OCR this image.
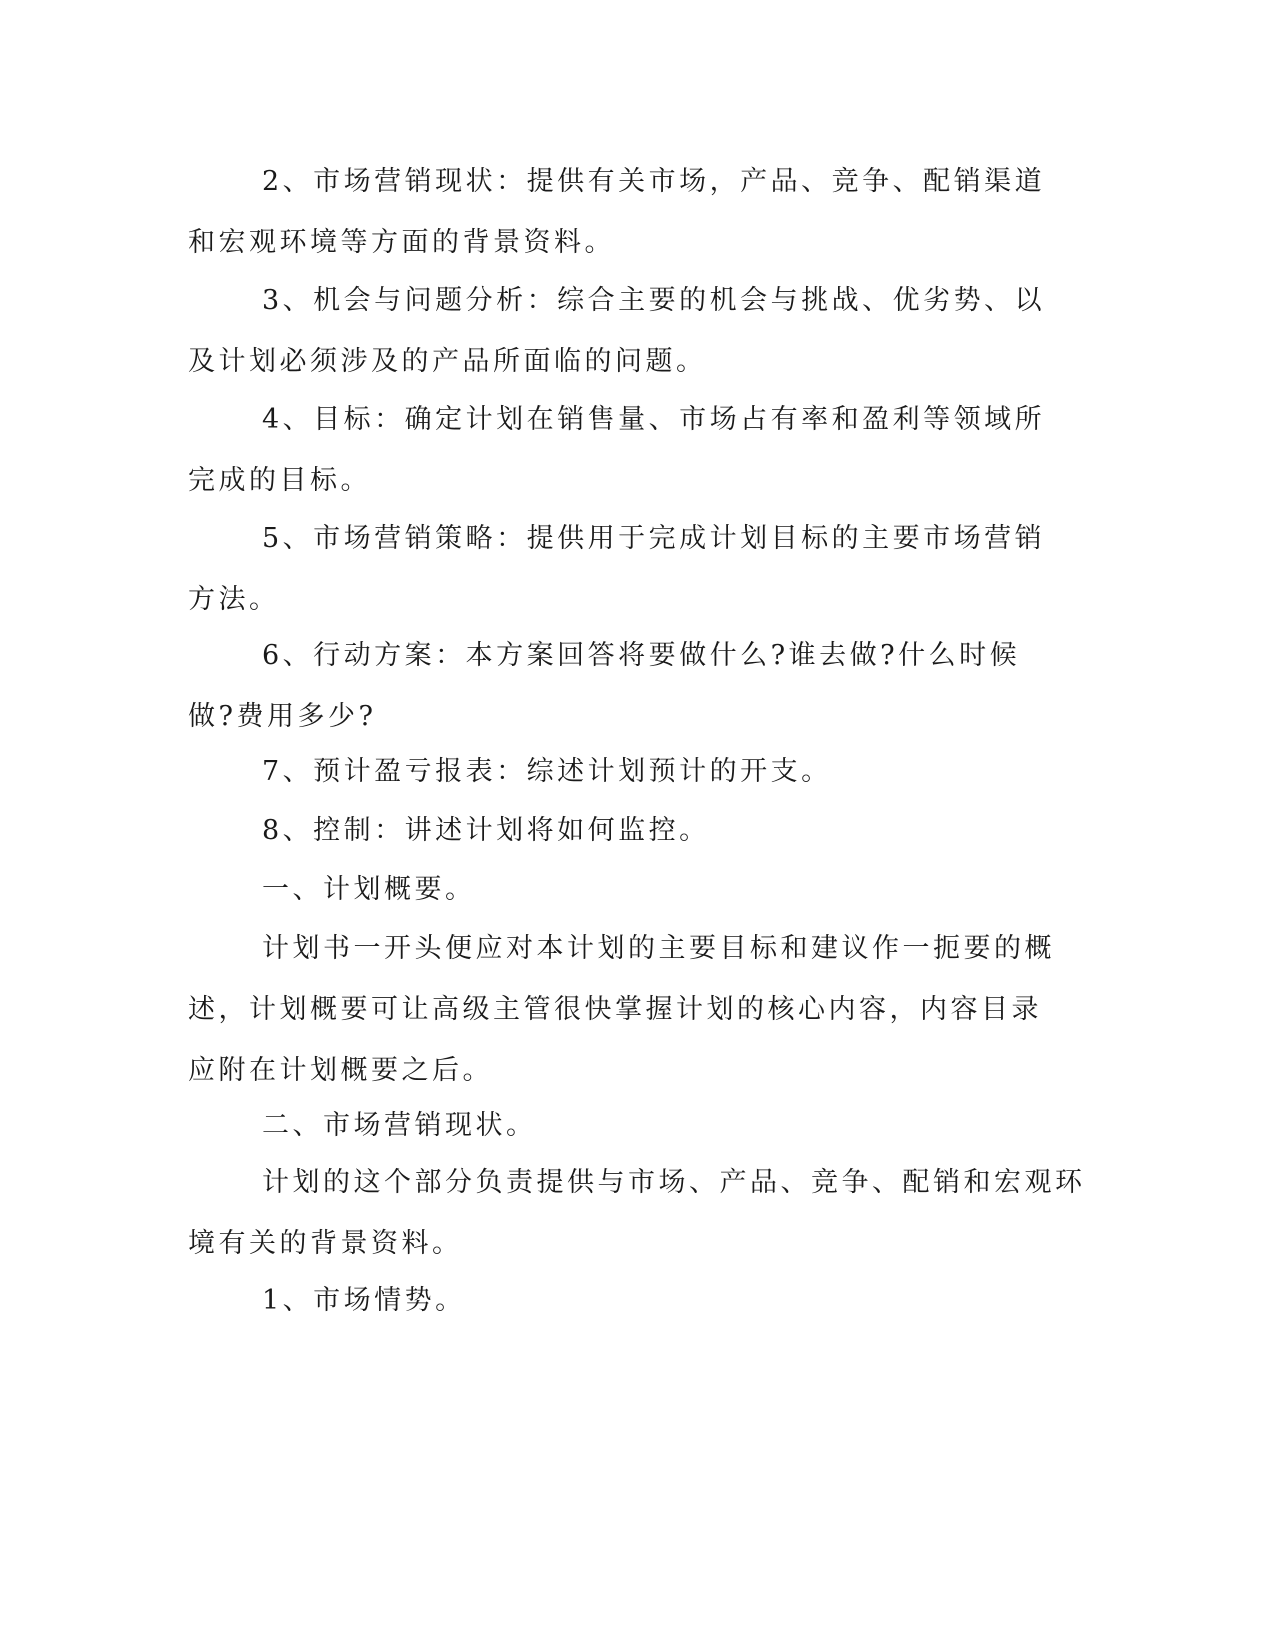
2、市场营销现状：提供有关市场，产品、竞争、配销渠道和宏观环境等方面的背景资料。

3、机会与问题分析：综合主要的机会与挑战、优劣势、以及计划必须涉及的产品所面临的问题。

4、目标：确定计划在销售量、市场占有率和盈利等领域所完成的目标。

5、市场营销策略：提供用于完成计划目标的主要市场营销方法。

6、行动方案：本方案回答将要做什么?谁去做?什么时候做?费用多少?

7、预计盈亏报表：综述计划预计的开支。

8、控制：讲述计划将如何监控。

一、计划概要。

计划书一开头便应对本计划的主要目标和建议作一扼要的概述，计划概要可让高级主管很快掌握计划的核心内容，内容目录应附在计划概要之后。

二、市场营销现状。

计划的这个部分负责提供与市场、产品、竞争、配销和宏观环境有关的背景资料。

1、市场情势。
